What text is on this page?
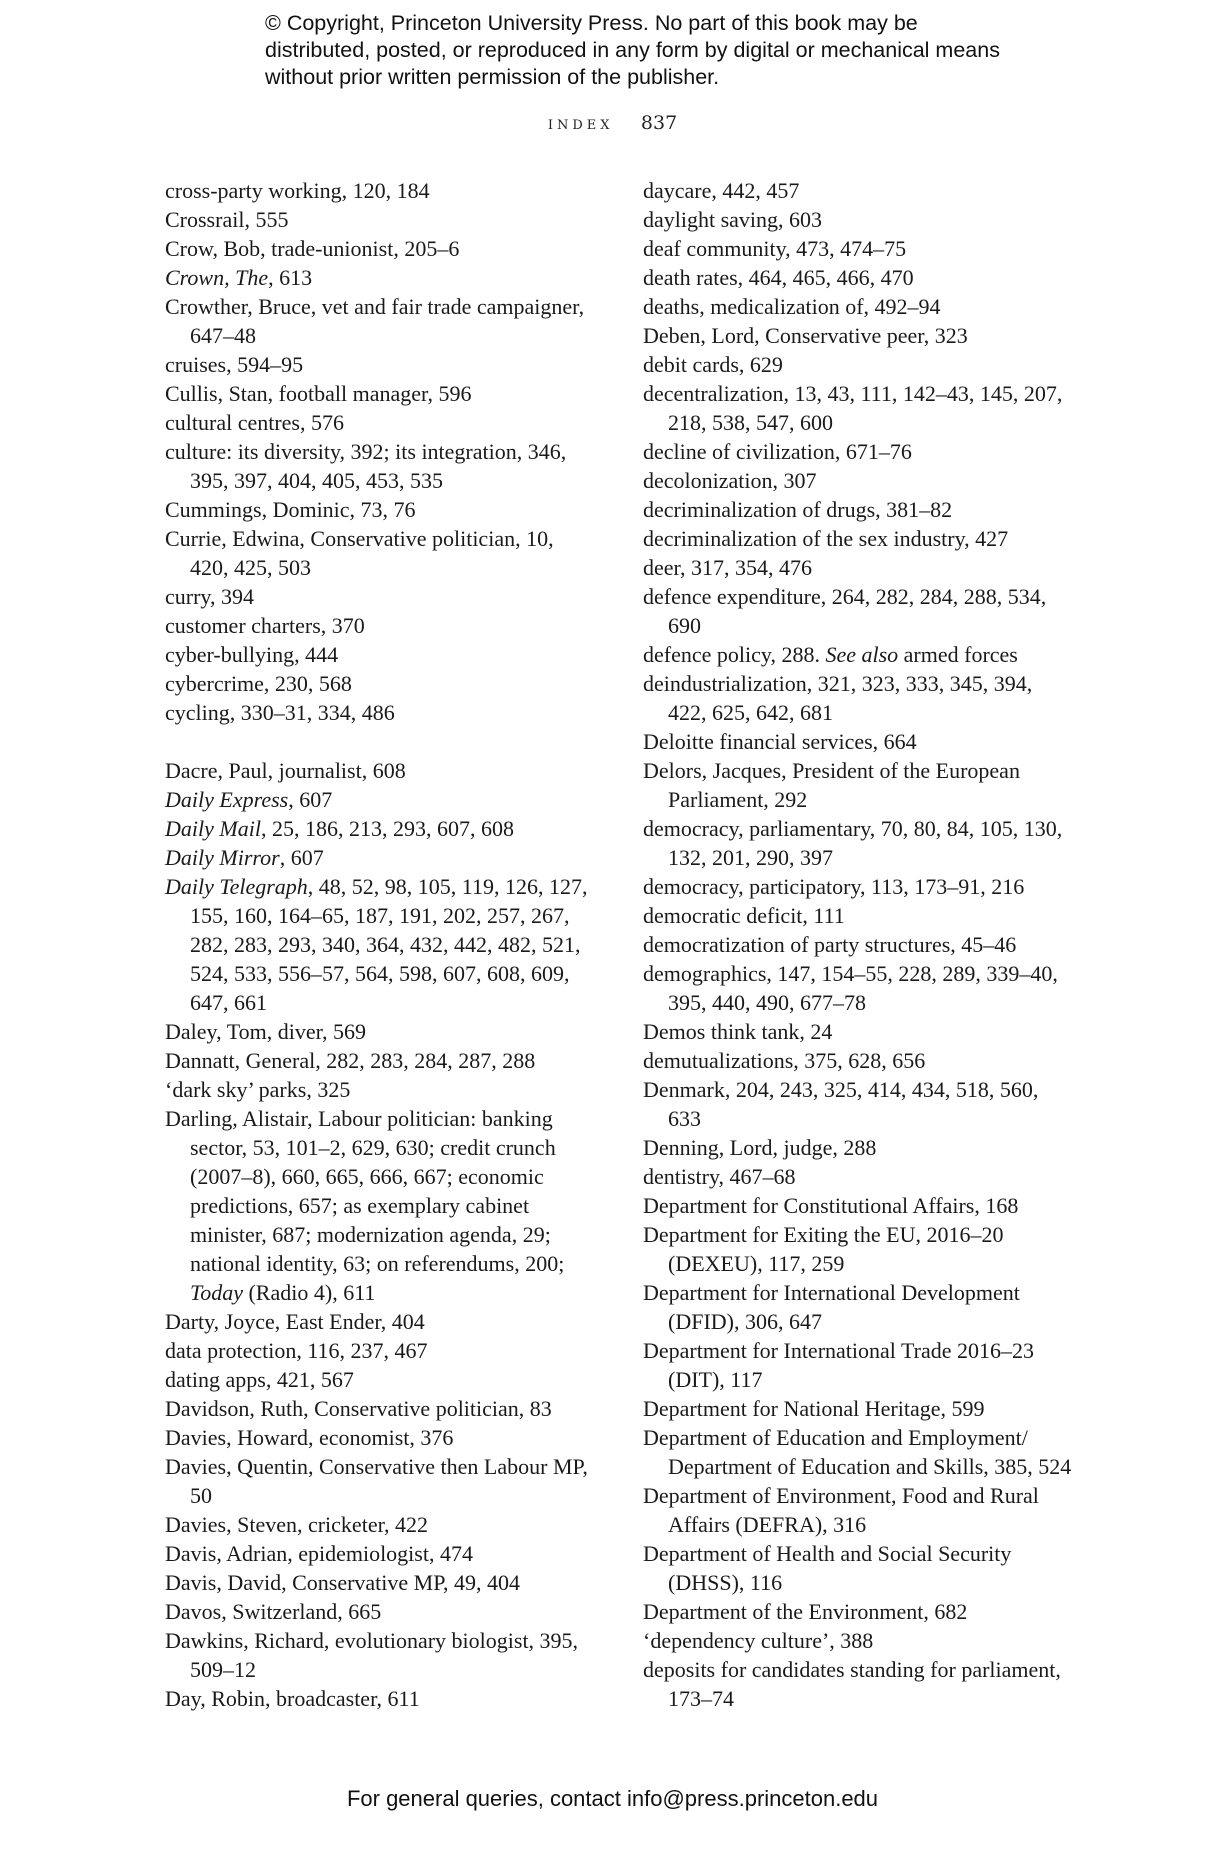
© Copyright, Princeton University Press. No part of this book may be distributed, posted, or reproduced in any form by digital or mechanical means without prior written permission of the publisher.
index 837
cross-party working, 120, 184
Crossrail, 555
Crow, Bob, trade-unionist, 205–6
Crown, The, 613
Crowther, Bruce, vet and fair trade campaigner, 647–48
cruises, 594–95
Cullis, Stan, football manager, 596
cultural centres, 576
culture: its diversity, 392; its integration, 346, 395, 397, 404, 405, 453, 535
Cummings, Dominic, 73, 76
Currie, Edwina, Conservative politician, 10, 420, 425, 503
curry, 394
customer charters, 370
cyber-bullying, 444
cybercrime, 230, 568
cycling, 330–31, 334, 486
Dacre, Paul, journalist, 608
Daily Express, 607
Daily Mail, 25, 186, 213, 293, 607, 608
Daily Mirror, 607
Daily Telegraph, 48, 52, 98, 105, 119, 126, 127, 155, 160, 164–65, 187, 191, 202, 257, 267, 282, 283, 293, 340, 364, 432, 442, 482, 521, 524, 533, 556–57, 564, 598, 607, 608, 609, 647, 661
Daley, Tom, diver, 569
Dannatt, General, 282, 283, 284, 287, 288
‘dark sky’ parks, 325
Darling, Alistair, Labour politician: banking sector, 53, 101–2, 629, 630; credit crunch (2007–8), 660, 665, 666, 667; economic predictions, 657; as exemplary cabinet minister, 687; modernization agenda, 29; national identity, 63; on referendums, 200; Today (Radio 4), 611
Darty, Joyce, East Ender, 404
data protection, 116, 237, 467
dating apps, 421, 567
Davidson, Ruth, Conservative politician, 83
Davies, Howard, economist, 376
Davies, Quentin, Conservative then Labour MP, 50
Davies, Steven, cricketer, 422
Davis, Adrian, epidemiologist, 474
Davis, David, Conservative MP, 49, 404
Davos, Switzerland, 665
Dawkins, Richard, evolutionary biologist, 395, 509–12
Day, Robin, broadcaster, 611
daycare, 442, 457
daylight saving, 603
deaf community, 473, 474–75
death rates, 464, 465, 466, 470
deaths, medicalization of, 492–94
Deben, Lord, Conservative peer, 323
debit cards, 629
decentralization, 13, 43, 111, 142–43, 145, 207, 218, 538, 547, 600
decline of civilization, 671–76
decolonization, 307
decriminalization of drugs, 381–82
decriminalization of the sex industry, 427
deer, 317, 354, 476
defence expenditure, 264, 282, 284, 288, 534, 690
defence policy, 288. See also armed forces
deindustrialization, 321, 323, 333, 345, 394, 422, 625, 642, 681
Deloitte financial services, 664
Delors, Jacques, President of the European Parliament, 292
democracy, parliamentary, 70, 80, 84, 105, 130, 132, 201, 290, 397
democracy, participatory, 113, 173–91, 216
democratic deficit, 111
democratization of party structures, 45–46
demographics, 147, 154–55, 228, 289, 339–40, 395, 440, 490, 677–78
Demos think tank, 24
demutualizations, 375, 628, 656
Denmark, 204, 243, 325, 414, 434, 518, 560, 633
Denning, Lord, judge, 288
dentistry, 467–68
Department for Constitutional Affairs, 168
Department for Exiting the EU, 2016–20 (DEXEU), 117, 259
Department for International Development (DFID), 306, 647
Department for International Trade 2016–23 (DIT), 117
Department for National Heritage, 599
Department of Education and Employment/ Department of Education and Skills, 385, 524
Department of Environment, Food and Rural Affairs (DEFRA), 316
Department of Health and Social Security (DHSS), 116
Department of the Environment, 682
‘dependency culture’, 388
deposits for candidates standing for parliament, 173–74
For general queries, contact info@press.princeton.edu
